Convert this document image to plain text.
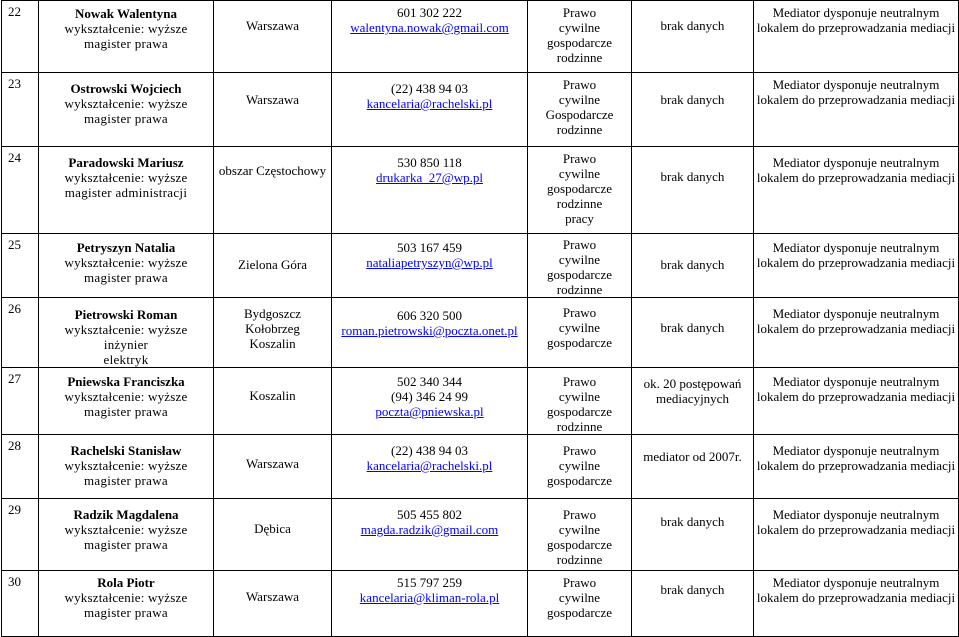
22	Nowak Walentyna
wykształcenie: wyższe
magister prawa	Warszawa	601 302 222
walentyna.nowak@gmail.com	Prawo
cywilne
gospodarcze
rodzinne	brak danych	Mediator dysponuje neutralnym lokalem do przeprowadzania mediacji
23	Ostrowski Wojciech
wykształcenie: wyższe
magister prawa	Warszawa	(22) 438 94 03
kancelaria@rachelski.pl	Prawo
cywilne
Gospodarcze
rodzinne	brak danych	Mediator dysponuje neutralnym lokalem do przeprowadzania mediacji
24	Paradowski Mariusz
wykształcenie: wyższe
magister administracji	obszar Częstochowy	530 850 118
drukarka_27@wp.pl	Prawo
cywilne
gospodarcze
rodzinne
pracy	brak danych	Mediator dysponuje neutralnym lokalem do przeprowadzania mediacji
25	Petryszyn Natalia
wykształcenie: wyższe
magister prawa	Zielona Góra	503 167 459
nataliapetryszyn@wp.pl	Prawo
cywilne
gospodarcze
rodzinne	brak danych	Mediator dysponuje neutralnym lokalem do przeprowadzania mediacji
26	Pietrowski Roman
wykształcenie: wyższe inżynier
elektryk	Bydgoszcz
Kołobrzeg
Koszalin	606 320 500
roman.pietrowski@poczta.onet.pl	Prawo
cywilne
gospodarcze	brak danych	Mediator dysponuje neutralnym lokalem do przeprowadzania mediacji
27	Pniewska Franciszka
wykształcenie: wyższe
magister prawa	Koszalin	502 340 344
(94) 346 24 99
poczta@pniewska.pl	Prawo
cywilne
gospodarcze
rodzinne	ok. 20 postępowań
mediacyjnych	Mediator dysponuje neutralnym lokalem do przeprowadzania mediacji
28	Rachelski Stanisław
wykształcenie: wyższe
magister prawa	Warszawa	(22) 438 94 03
kancelaria@rachelski.pl	Prawo
cywilne
gospodarcze	mediator od 2007r.	Mediator dysponuje neutralnym lokalem do przeprowadzania mediacji
29	Radzik Magdalena
wykształcenie: wyższe
magister prawa	Dębica	505 455 802
magda.radzik@gmail.com	Prawo
cywilne
gospodarcze
rodzinne	brak danych	Mediator dysponuje neutralnym lokalem do przeprowadzania mediacji
30	Rola Piotr
wykształcenie: wyższe
magister prawa	Warszawa	515 797 259
kancelaria@kliman-rola.pl	Prawo
cywilne
gospodarcze	brak danych	Mediator dysponuje neutralnym lokalem do przeprowadzania mediacji
